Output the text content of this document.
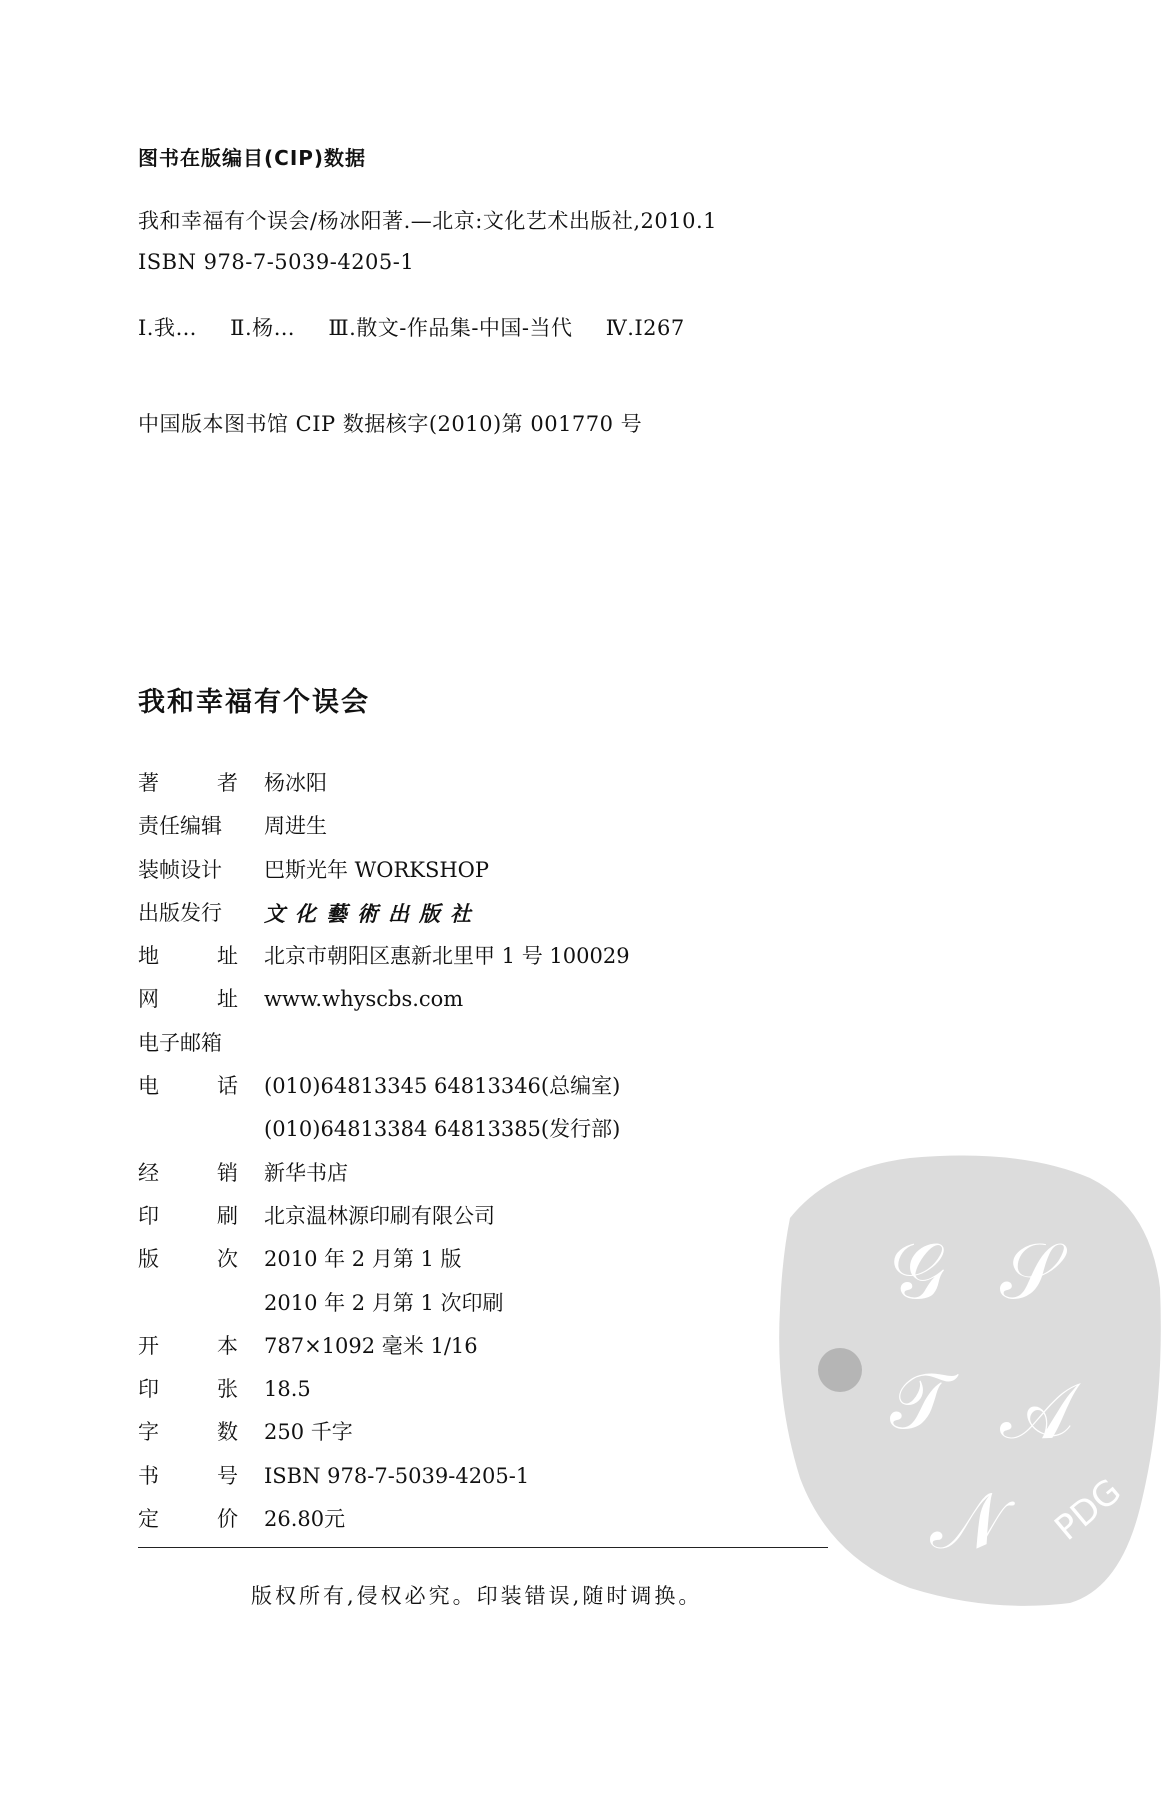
图书在版编目(CIP)数据
我和幸福有个误会/杨冰阳著.—北京:文化艺术出版社,2010.1
ISBN 978-7-5039-4205-1
Ⅰ.我… Ⅱ.杨… Ⅲ.散文-作品集-中国-当代 Ⅳ.I267
中国版本图书馆 CIP 数据核字(2010)第 001770 号
我和幸福有个误会
著	者 杨冰阳
责任编辑	周进生
装帧设计	巴斯光年 WORKSHOP
出版发行	文化藝術出版社
地	址 北京市朝阳区惠新北里甲 1 号 100029
网	址 www.whyscbs.com
电子邮箱
电	话 (010)64813345 64813346(总编室)
(010)64813384 64813385(发行部)
经	销 新华书店
印	刷 北京温林源印刷有限公司
版	次 2010 年 2 月第 1 版
2010 年 2 月第 1 次印刷
开	本 787×1092 毫米 1/16
印	张 18.5
字	数 250 千字
书	号 ISBN 978-7-5039-4205-1
定	价 26.80元
版权所有,侵权必究。印装错误,随时调换。
𝒢 𝒮
𝒯 𝒜
𝒩	PDG
